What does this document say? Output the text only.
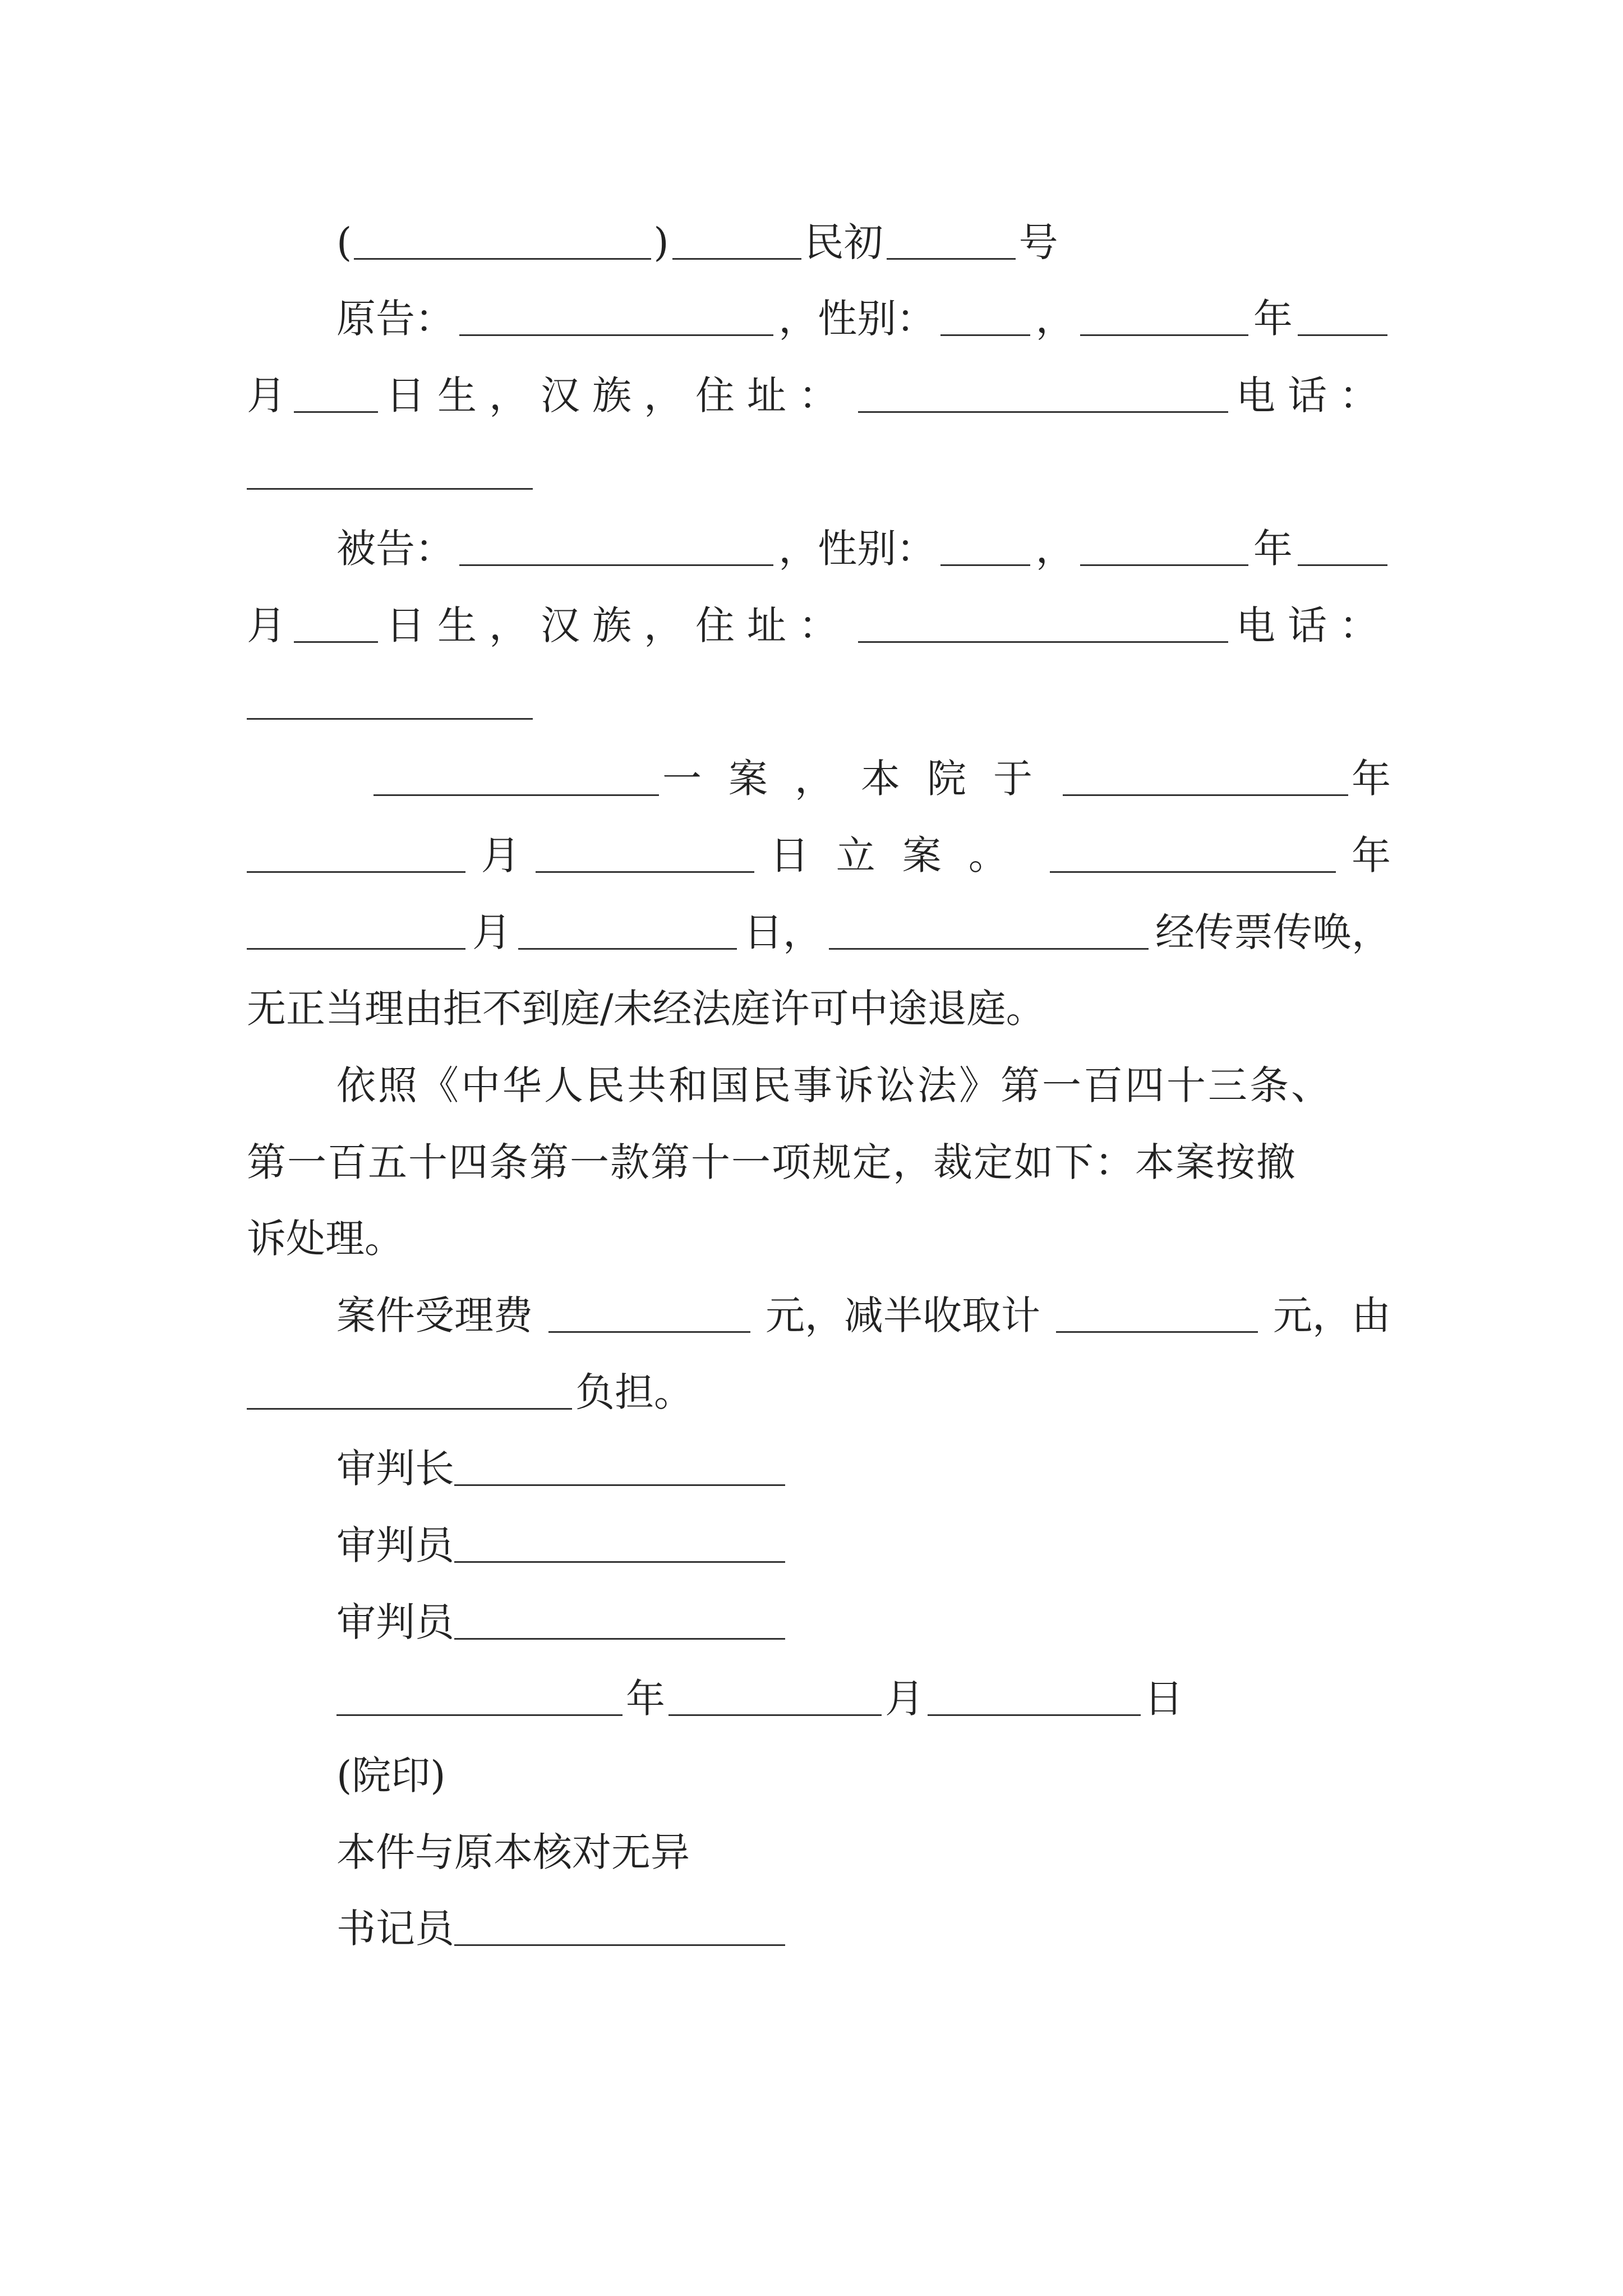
(	)	民初	号
原告：	，性别：	，	年
月	日生，汉族，住址：	电话：
被告：	，性别：	，	年
月	日生，汉族，住址：	电话：
一案，本院于	年
月	日立案。	年
月	日，	经传票传唤，
无正当理由拒不到庭/未经法庭许可中途退庭。
依照《中华人民共和国民事诉讼法》第一百四十三条、
第一百五十四条第一款第十一项规定，裁定如下：本案按撤
诉处理。
案件受理费	元，减半收取计	元，由
负担。
审判长
审判员
审判员
年	月	日
(院印)
本件与原本核对无异
书记员
